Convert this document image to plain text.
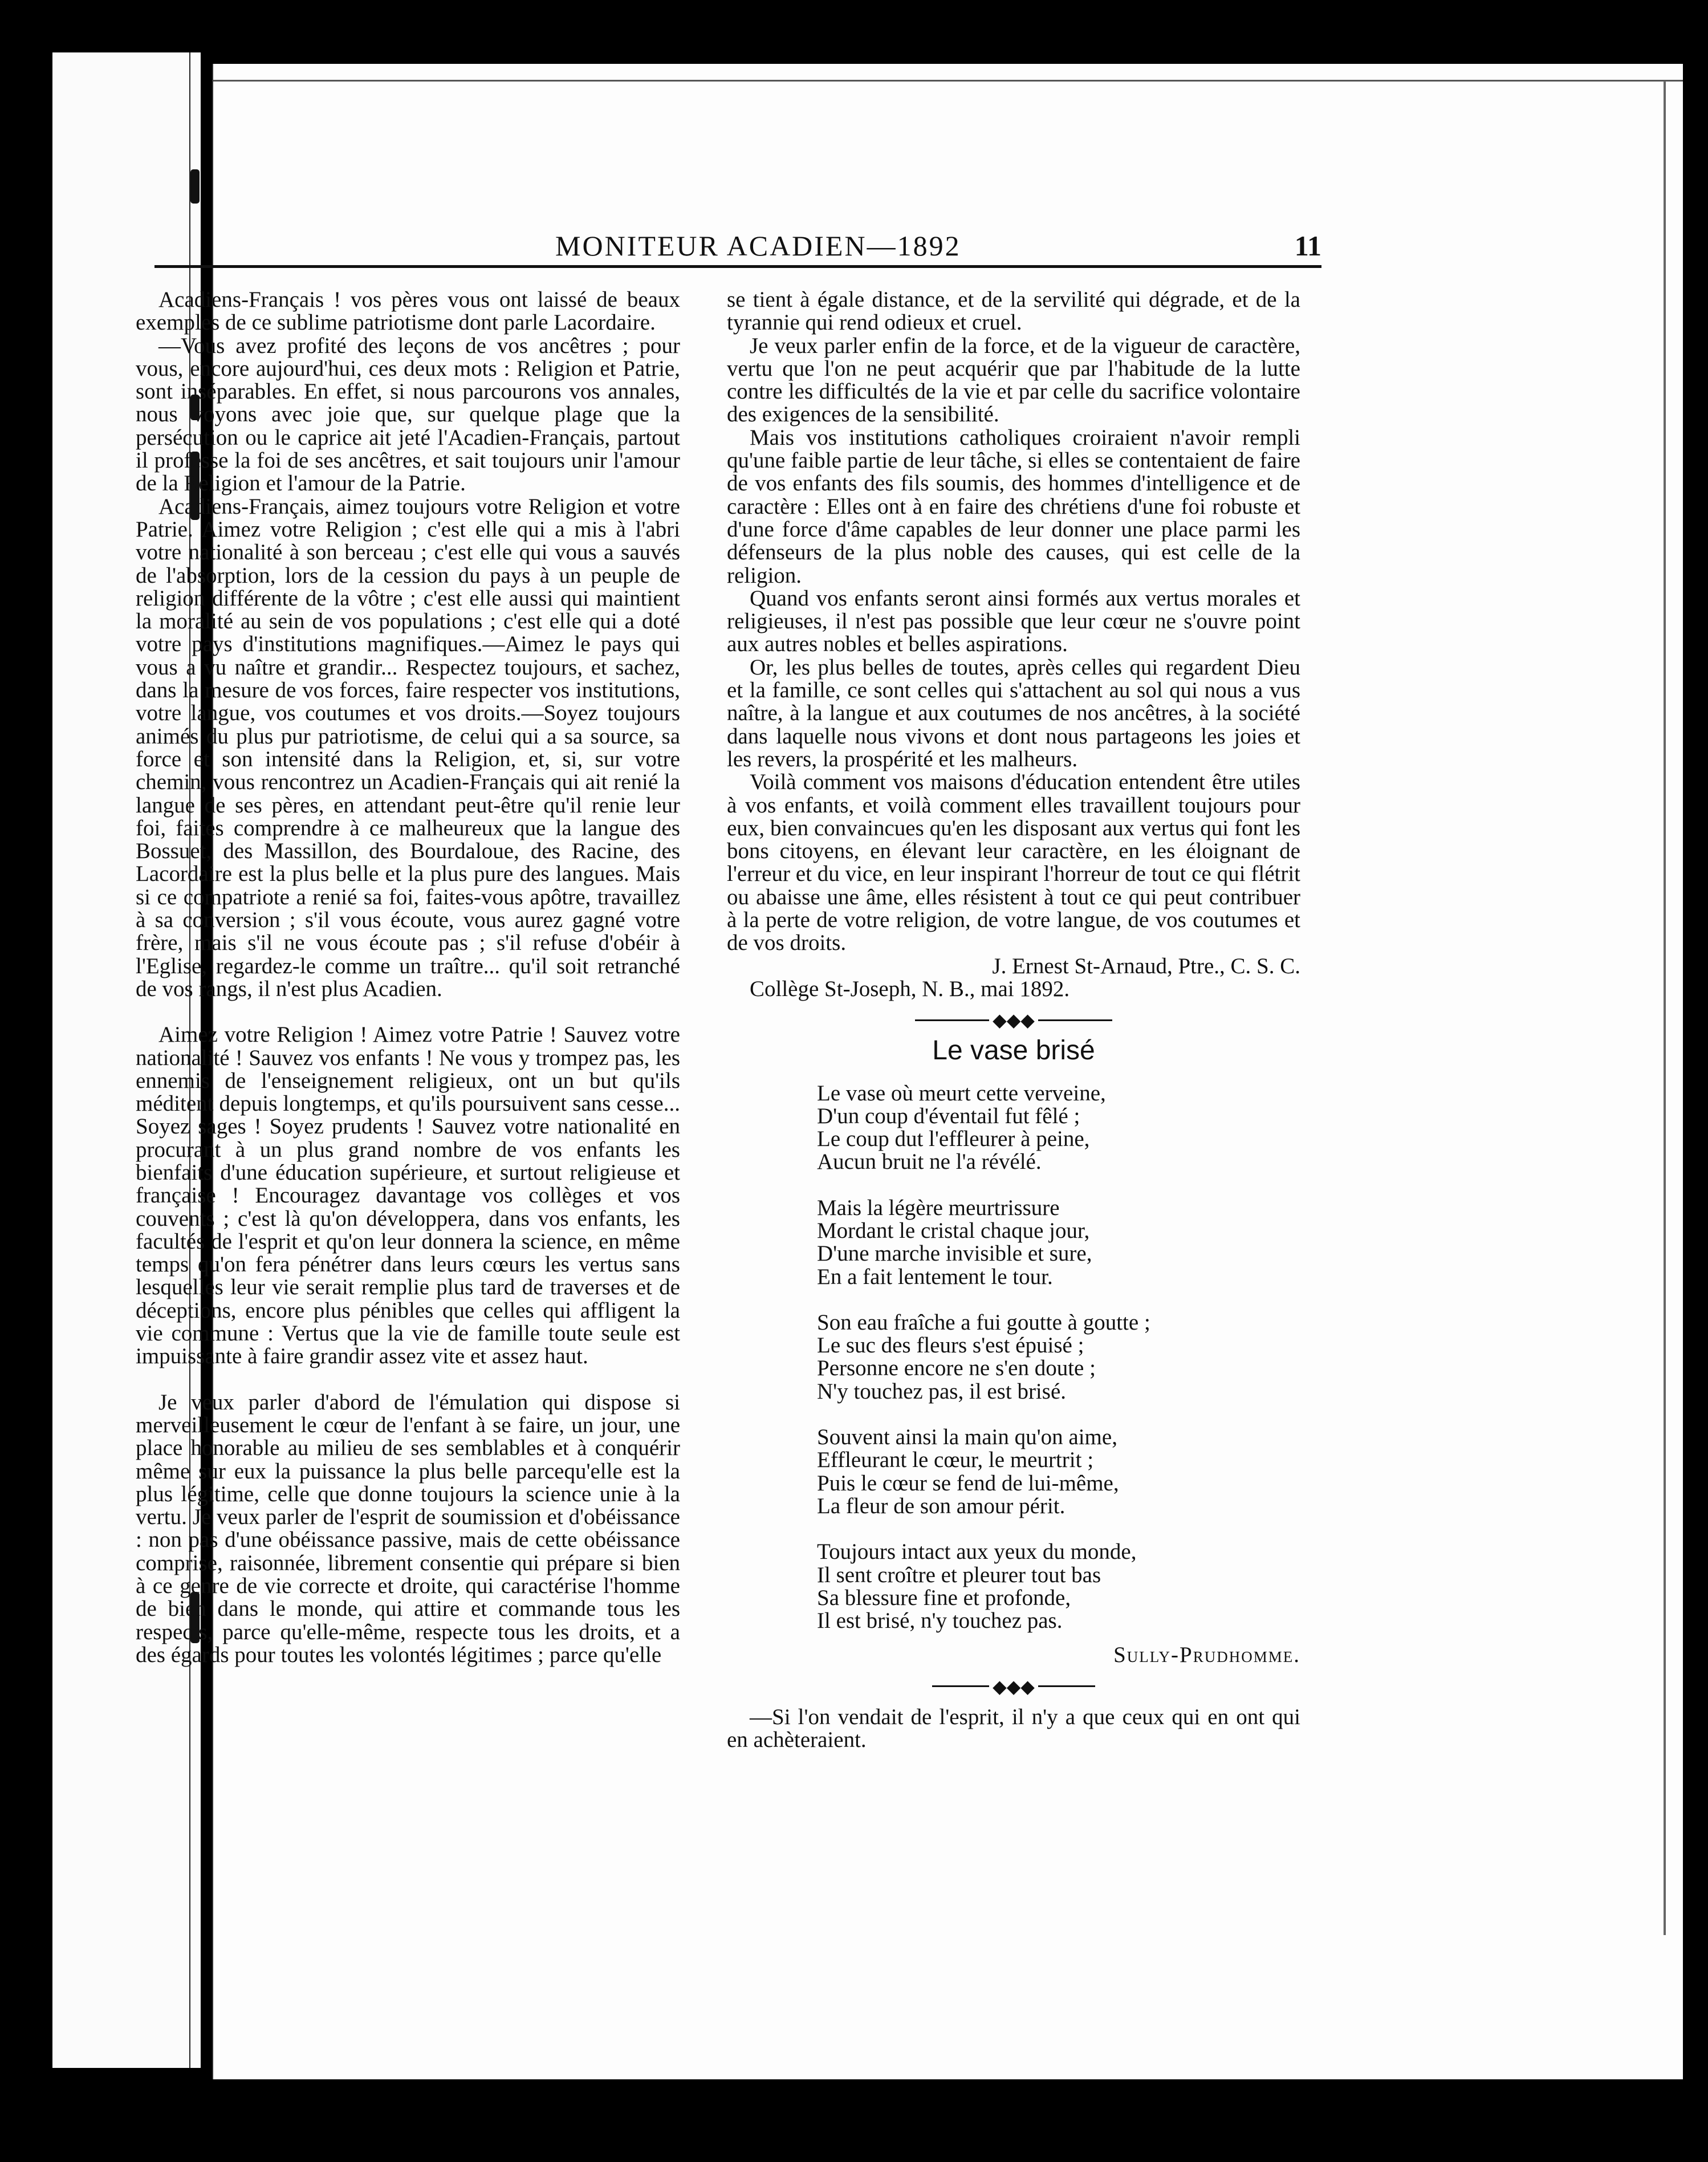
MONITEUR ACADIEN—1892	11

Acadiens-Français ! vos pères vous ont laissé de beaux exemples de ce sublime patriotisme dont parle Lacordaire.

—Vous avez profité des leçons de vos ancêtres ; pour vous, encore aujourd'hui, ces deux mots : Religion et Patrie, sont inséparables. En effet, si nous parcourons vos annales, nous voyons avec joie que, sur quelque plage que la persécution ou le caprice ait jeté l'Acadien-Français, partout il professe la foi de ses ancêtres, et sait toujours unir l'amour de la Religion et l'amour de la Patrie.

Acadiens-Français, aimez toujours votre Religion et votre Patrie. Aimez votre Religion ; c'est elle qui a mis à l'abri votre nationalité à son berceau ; c'est elle qui vous a sauvés de l'absorption, lors de la cession du pays à un peuple de religion différente de la vôtre ; c'est elle aussi qui maintient la moralité au sein de vos populations ; c'est elle qui a doté votre pays d'institutions magnifiques.—Aimez le pays qui vous a vu naître et grandir... Respectez toujours, et sachez, dans la mesure de vos forces, faire respecter vos institutions, votre langue, vos coutumes et vos droits.—Soyez toujours animés du plus pur patriotisme, de celui qui a sa source, sa force et son intensité dans la Religion, et, si, sur votre chemin, vous rencontrez un Acadien-Français qui ait renié la langue de ses pères, en attendant peut-être qu'il renie leur foi, faites comprendre à ce malheureux que la langue des Bossuet, des Massillon, des Bourdaloue, des Racine, des Lacordaire est la plus belle et la plus pure des langues. Mais si ce compatriote a renié sa foi, faites-vous apôtre, travaillez à sa conversion ; s'il vous écoute, vous aurez gagné votre frère, mais s'il ne vous écoute pas ; s'il refuse d'obéir à l'Eglise, regardez-le comme un traître... qu'il soit retranché de vos rangs, il n'est plus Acadien.

Aimez votre Religion ! Aimez votre Patrie ! Sauvez votre nationalité ! Sauvez vos enfants ! Ne vous y trompez pas, les ennemis de l'enseignement religieux, ont un but qu'ils méditent depuis longtemps, et qu'ils poursuivent sans cesse... Soyez sages ! Soyez prudents ! Sauvez votre nationalité en procurant à un plus grand nombre de vos enfants les bienfaits d'une éducation supérieure, et surtout religieuse et française ! Encouragez davantage vos collèges et vos couvents ; c'est là qu'on développera, dans vos enfants, les facultés de l'esprit et qu'on leur donnera la science, en même temps qu'on fera pénétrer dans leurs cœurs les vertus sans lesquelles leur vie serait remplie plus tard de traverses et de déceptions, encore plus pénibles que celles qui affligent la vie commune : Vertus que la vie de famille toute seule est impuissante à faire grandir assez vite et assez haut.

Je veux parler d'abord de l'émulation qui dispose si merveilleusement le cœur de l'enfant à se faire, un jour, une place honorable au milieu de ses semblables et à conquérir même sur eux la puissance la plus belle parcequ'elle est la plus légitime, celle que donne toujours la science unie à la vertu. Je veux parler de l'esprit de soumission et d'obéissance : non pas d'une obéissance passive, mais de cette obéissance comprise, raisonnée, librement consentie qui prépare si bien à ce genre de vie correcte et droite, qui caractérise l'homme de bien dans le monde, qui attire et commande tous les respects, parce qu'elle-même, respecte tous les droits, et a des égards pour toutes les volontés légitimes ; parce qu'elle

se tient à égale distance, et de la servilité qui dégrade, et de la tyrannie qui rend odieux et cruel.

Je veux parler enfin de la force, et de la vigueur de caractère, vertu que l'on ne peut acquérir que par l'habitude de la lutte contre les difficultés de la vie et par celle du sacrifice volontaire des exigences de la sensibilité.

Mais vos institutions catholiques croiraient n'avoir rempli qu'une faible partie de leur tâche, si elles se contentaient de faire de vos enfants des fils soumis, des hommes d'intelligence et de caractère : Elles ont à en faire des chrétiens d'une foi robuste et d'une force d'âme capables de leur donner une place parmi les défenseurs de la plus noble des causes, qui est celle de la religion.

Quand vos enfants seront ainsi formés aux vertus morales et religieuses, il n'est pas possible que leur cœur ne s'ouvre point aux autres nobles et belles aspirations.

Or, les plus belles de toutes, après celles qui regardent Dieu et la famille, ce sont celles qui s'attachent au sol qui nous a vus naître, à la langue et aux coutumes de nos ancêtres, à la société dans laquelle nous vivons et dont nous partageons les joies et les revers, la prospérité et les malheurs.

Voilà comment vos maisons d'éducation entendent être utiles à vos enfants, et voilà comment elles travaillent toujours pour eux, bien convaincues qu'en les disposant aux vertus qui font les bons citoyens, en élevant leur caractère, en les éloignant de l'erreur et du vice, en leur inspirant l'horreur de tout ce qui flétrit ou abaisse une âme, elles résistent à tout ce qui peut contribuer à la perte de votre religion, de votre langue, de vos coutumes et de vos droits.

J. Ernest St-Arnaud, Ptre., C. S. C.

Collège St-Joseph, N. B., mai 1892.

◆◆◆
Le vase brisé
Le vase où meurt cette verveine,
D'un coup d'éventail fut fêlé ;
Le coup dut l'effleurer à peine,
Aucun bruit ne l'a révélé.
Mais la légère meurtrissure
Mordant le cristal chaque jour,
D'une marche invisible et sure,
En a fait lentement le tour.
Son eau fraîche a fui goutte à goutte ;
Le suc des fleurs s'est épuisé ;
Personne encore ne s'en doute ;
N'y touchez pas, il est brisé.
Souvent ainsi la main qu'on aime,
Effleurant le cœur, le meurtrit ;
Puis le cœur se fend de lui-même,
La fleur de son amour périt.
Toujours intact aux yeux du monde,
Il sent croître et pleurer tout bas
Sa blessure fine et profonde,
Il est brisé, n'y touchez pas.
Sully-Prudhomme.
◆◆◆

—Si l'on vendait de l'esprit, il n'y a que ceux qui en ont qui en achèteraient.
